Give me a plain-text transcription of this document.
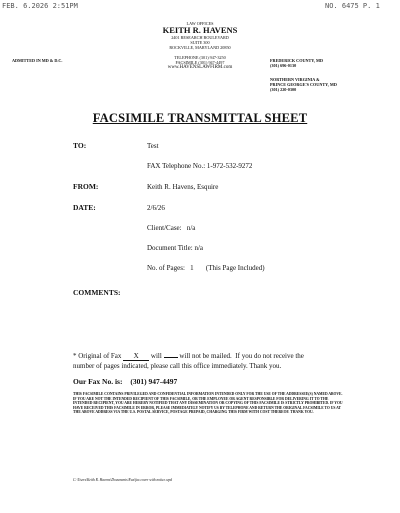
FEB. 6.2026 2:51PM	NO. 6475 P. 1
LAW OFFICES
KEITH R. HAVENS
2401 RESEARCH BOULEVARD
SUITE 300
ROCKVILLE, MARYLAND 20850
TELEPHONE (301) 947-3250
FACSIMILE (301) 947-4497
www.HAVENSLAWFIRM.com
ADMITTED IN MD & D.C.	FREDERICK COUNTY, MD
(301) 696-0130
NORTHERN VIRGINIA &
PRINCE GEORGE'S COUNTY, MD
(301) 220-0300
FACSIMILE TRANSMITTAL SHEET
TO:	Test
FAX Telephone No.: 1-972-532-9272
FROM:	Keith R. Havens, Esquire
DATE:	2/6/26
Client/Case:   n/a
Document Title: n/a
No. of Pages:   1       (This Page Included)
COMMENTS:
* Original of Fax X will  will not be mailed.  If you do not receive the
number of pages indicated, please call this office immediately. Thank you.
Our Fax No. is: (301) 947-4497
THIS FACSIMILE CONTAINS PRIVILEGED AND CONFIDENTIAL INFORMATION INTENDED ONLY FOR THE USE OF THE ADDRESSEE(S) NAMED ABOVE. IF YOU ARE NOT THE INTENDED RECIPIENT OF THIS FACSIMILE, OR THE EMPLOYEE OR AGENT RESPONSIBLE FOR DELIVERING IT TO THE INTENDED RECIPIENT, YOU ARE HEREBY NOTIFIED THAT ANY DISSEMINATION OR COPYING OF THIS FACSIMILE IS STRICTLY PROHIBITED. IF YOU HAVE RECEIVED THIS FACSIMILE IN ERROR, PLEASE IMMEDIATELY NOTIFY US BY TELEPHONE AND RETURN THE ORIGINAL FACSIMILE TO US AT THE ABOVE ADDRESS VIA THE U.S. POSTAL SERVICE, POSTAGE PREPAID, CHARGING THIS FIRM WITH COST THEREOF. THANK YOU.
C:\Users\Keith R. Havens\Documents\Fax\fax cover with notice.wpd
